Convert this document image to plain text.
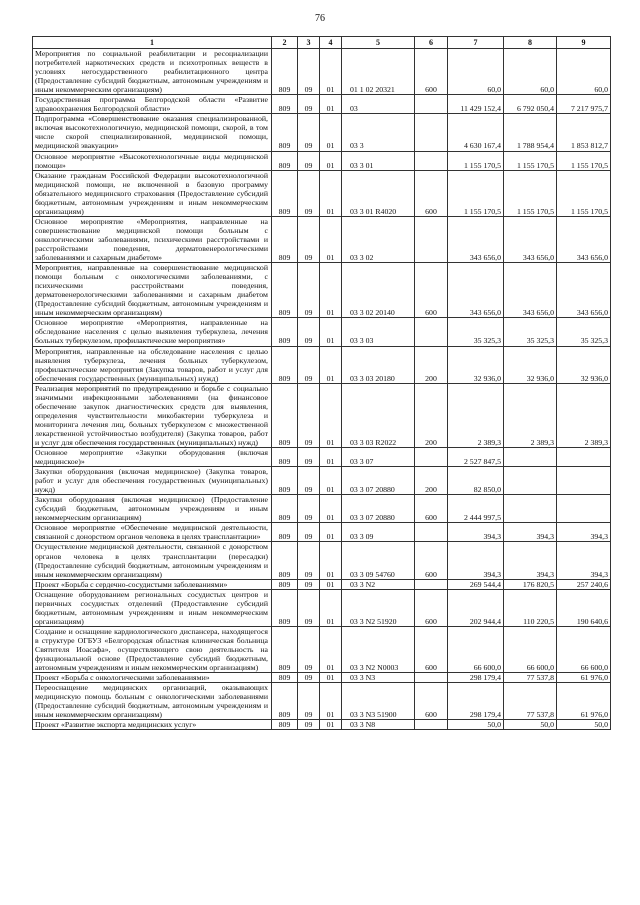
76
1	2	3	4	5	6	7	8	9
Мероприятия по социальной реабилитации и ресоциализации потребителей наркотических средств и психотропных веществ в условиях негосударственного реабилитационного центра (Предоставление субсидий бюджетным, автономным учреждениям и иным некоммерческим организациям)	809	09	01	01 1 02 20321	600	60,0	60,0	60,0
Государственная программа Белгородской области «Развитие здравоохранения Белгородской области»	809	09	01	03		11 429 152,4	6 792 050,4	7 217 975,7
Подпрограмма «Совершенствование оказания специализированной, включая высокотехнологичную, медицинской помощи, скорой, в том числе скорой специализированной, медицинской помощи, медицинской эвакуации»	809	09	01	03 3		4 630 167,4	1 788 954,4	1 853 812,7
Основное мероприятие «Высокотехнологичные виды медицинской помощи»	809	09	01	03 3 01		1 155 170,5	1 155 170,5	1 155 170,5
Оказание гражданам Российской Федерации высокотехнологичной медицинской помощи, не включенной в базовую программу обязательного медицинского страхования (Предоставление субсидий бюджетным, автономным учреждениям и иным некоммерческим организациям)	809	09	01	03 3 01 R4020	600	1 155 170,5	1 155 170,5	1 155 170,5
Основное мероприятие «Мероприятия, направленные на совершенствование медицинской помощи больным с онкологическими заболеваниями, психическими расстройствами и расстройствами поведения, дерматовенерологическими заболеваниями и сахарным диабетом»	809	09	01	03 3 02		343 656,0	343 656,0	343 656,0
Мероприятия, направленные на совершенствование медицинской помощи больным с онкологическими заболеваниями, с психическими расстройствами поведения, дерматовенерологическими заболеваниями и сахарным диабетом (Предоставление субсидий бюджетным, автономным учреждениям и иным некоммерческим организациям)	809	09	01	03 3 02 20140	600	343 656,0	343 656,0	343 656,0
Основное мероприятие «Мероприятия, направленные на обследование населения с целью выявления туберкулеза, лечения больных туберкулезом, профилактические мероприятия»	809	09	01	03 3 03		35 325,3	35 325,3	35 325,3
Мероприятия, направленные на обследование населения с целью выявления туберкулеза, лечения больных туберкулезом, профилактические мероприятия (Закупка товаров, работ и услуг для обеспечения государственных (муниципальных) нужд)	809	09	01	03 3 03 20180	200	32 936,0	32 936,0	32 936,0
Реализация мероприятий по предупреждению и борьбе с социально значимыми инфекционными заболеваниями (на финансовое обеспечение закупок диагностических средств для выявления, определения чувствительности микобактерии туберкулеза и мониторинга лечения лиц, больных туберкулезом с множественной лекарственной устойчивостью возбудителя) (Закупка товаров, работ и услуг для обеспечения государственных (муниципальных) нужд)	809	09	01	03 3 03 R2022	200	2 389,3	2 389,3	2 389,3
Основное мероприятие «Закупки оборудования (включая медицинское)»	809	09	01	03 3 07		2 527 847,5		
Закупки оборудования (включая медицинское) (Закупка товаров, работ и услуг для обеспечения государственных (муниципальных) нужд)	809	09	01	03 3 07 20880	200	82 850,0		
Закупки оборудования (включая медицинское) (Предоставление субсидий бюджетным, автономным учреждениям и иным некоммерческим организациям)	809	09	01	03 3 07 20880	600	2 444 997,5		
Основное мероприятие «Обеспечение медицинской деятельности, связанной с донорством органов человека в целях трансплантации»	809	09	01	03 3 09		394,3	394,3	394,3
Осуществление медицинской деятельности, связанной с донорством органов человека в целях трансплантации (пересадки) (Предоставление субсидий бюджетным, автономным учреждениям и иным некоммерческим организациям)	809	09	01	03 3 09 54760	600	394,3	394,3	394,3
Проект «Борьба с сердечно-сосудистыми заболеваниями»	809	09	01	03 3 N2		269 544,4	176 820,5	257 240,6
Оснащение оборудованием региональных сосудистых центров и первичных сосудистых отделений (Предоставление субсидий бюджетным, автономным учреждениям и иным некоммерческим организациям)	809	09	01	03 3 N2 51920	600	202 944,4	110 220,5	190 640,6
Создание и оснащение кардиологического диспансера, находящегося в структуре ОГБУЗ «Белгородская областная клиническая больница Святителя Иоасафа», осуществляющего свою деятельность на функциональной основе (Предоставление субсидий бюджетным, автономным учреждениям и иным некоммерческим организациям)	809	09	01	03 3 N2 N0003	600	66 600,0	66 600,0	66 600,0
Проект «Борьба с онкологическими заболеваниями»	809	09	01	03 3 N3		298 179,4	77 537,8	61 976,0
Переоснащение медицинских организаций, оказывающих медицинскую помощь больным с онкологическими заболеваниями (Предоставление субсидий бюджетным, автономным учреждениям и иным некоммерческим организациям)	809	09	01	03 3 N3 51900	600	298 179,4	77 537,8	61 976,0
Проект «Развитие экспорта медицинских услуг»	809	09	01	03 3 N8		50,0	50,0	50,0
